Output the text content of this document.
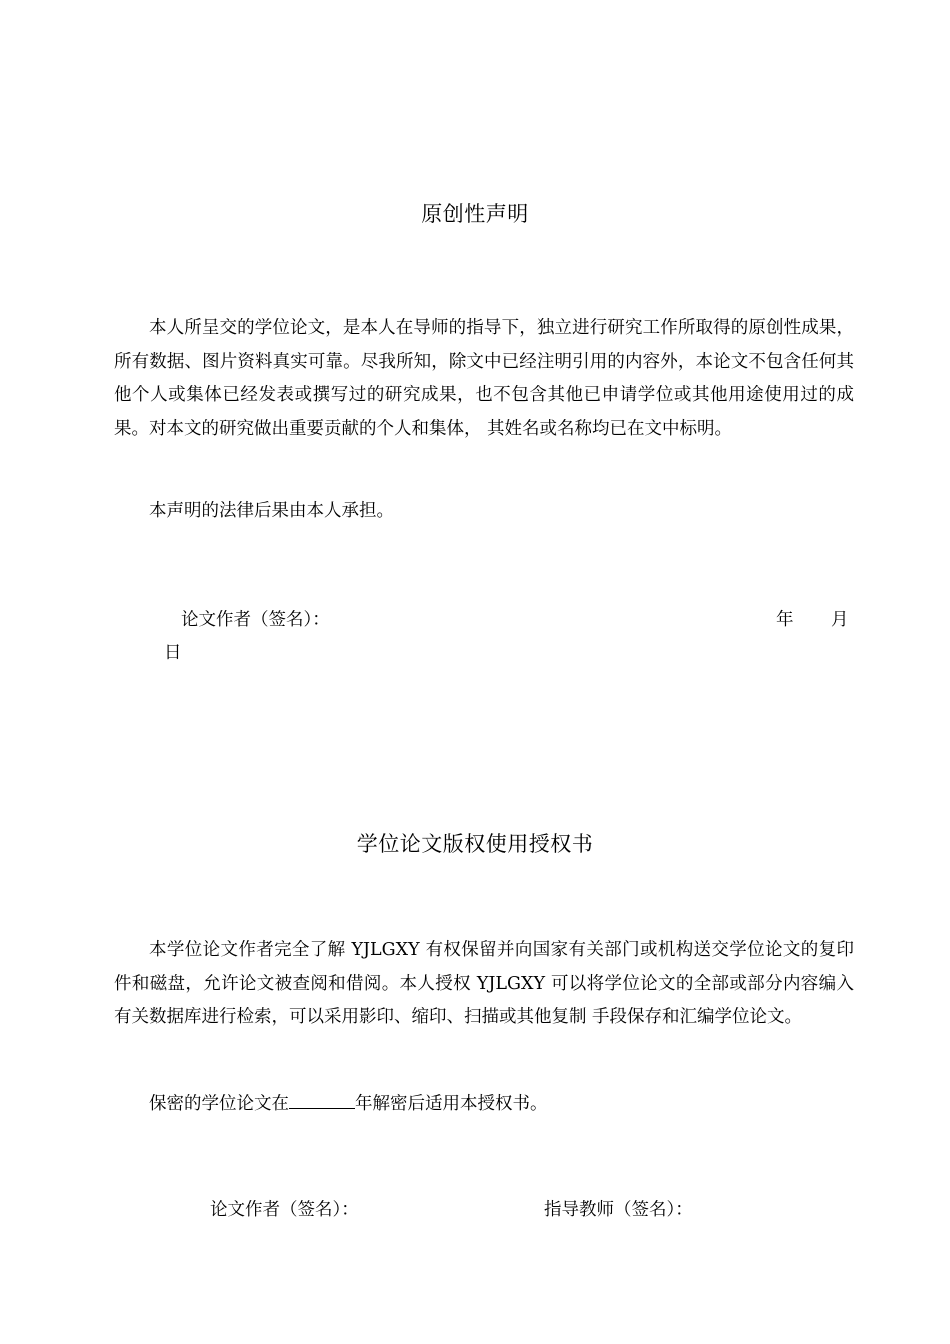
原创性声明

本人所呈交的学位论文，是本人在导师的指导下，独立进行研究工作所取得的原创性成果，所有数据、图片资料真实可靠。尽我所知，除文中已经注明引用的内容外，本论文不包含任何其他个人或集体已经发表或撰写过的研究成果，也不包含其他已申请学位或其他用途使用过的成果。对本文的研究做出重要贡献的个人和集体， 其姓名或名称均已在文中标明。

本声明的法律后果由本人承担。

论文作者（签名）：	年 月
日
学位论文版权使用授权书

本学位论文作者完全了解 YJLGXY 有权保留并向国家有关部门或机构送交学位论文的复印件和磁盘，允许论文被查阅和借阅。本人授权 YJLGXY 可以将学位论文的全部或部分内容编入有关数据库进行检索，可以采用影印、缩印、扫描或其他复制 手段保存和汇编学位论文。

保密的学位论文在	年解密后适用本授权书。
论文作者（签名）：	指导教师（签名）：
